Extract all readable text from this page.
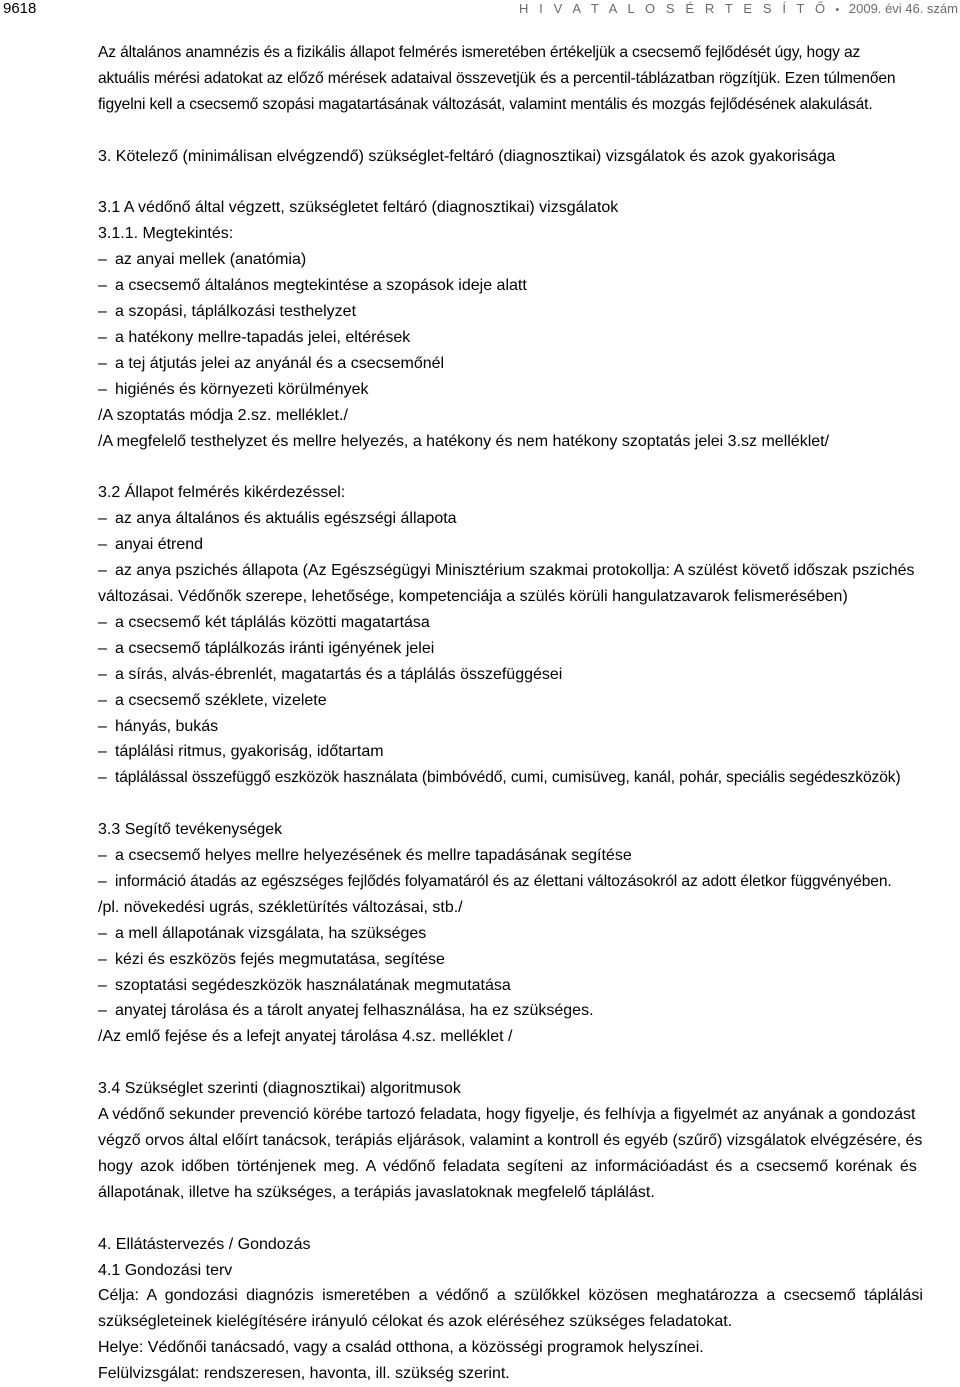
9618	H I V A T A L O S É R T E S Í T Ő • 2009. évi 46. szám

Az általános anamnézis és a fizikális állapot felmérés ismeretében értékeljük a csecsemő fejlődését úgy, hogy az

aktuális mérési adatokat az előző mérések adataival összevetjük és a percentil-táblázatban rögzítjük. Ezen túlmenően

figyelni kell a csecsemő szopási magatartásának változását, valamint mentális és mozgás fejlődésének alakulását.

3. Kötelező (minimálisan elvégzendő) szükséglet-feltáró (diagnosztikai) vizsgálatok és azok gyakorisága

3.1 A védőnő által végzett, szükségletet feltáró (diagnosztikai) vizsgálatok

3.1.1. Megtekintés:

– az anyai mellek (anatómia)

– a csecsemő általános megtekintése a szopások ideje alatt

– a szopási, táplálkozási testhelyzet

– a hatékony mellre-tapadás jelei, eltérések

– a tej átjutás jelei az anyánál és a csecsemőnél

– higiénés és környezeti körülmények

/A szoptatás módja 2.sz. melléklet./

/A megfelelő testhelyzet és mellre helyezés, a hatékony és nem hatékony szoptatás jelei 3.sz melléklet/

3.2 Állapot felmérés kikérdezéssel:

– az anya általános és aktuális egészségi állapota

– anyai étrend

– az anya pszichés állapota (Az Egészségügyi Minisztérium szakmai protokollja: A szülést követő időszak pszichés

változásai. Védőnők szerepe, lehetősége, kompetenciája a szülés körüli hangulatzavarok felismerésében)

– a csecsemő két táplálás közötti magatartása

– a csecsemő táplálkozás iránti igényének jelei

– a sírás, alvás-ébrenlét, magatartás és a táplálás összefüggései

– a csecsemő széklete, vizelete

– hányás, bukás

– táplálási ritmus, gyakoriság, időtartam

– táplálással összefüggő eszközök használata (bimbóvédő, cumi, cumisüveg, kanál, pohár, speciális segédeszközök)

3.3 Segítő tevékenységek

– a csecsemő helyes mellre helyezésének és mellre tapadásának segítése

– információ átadás az egészséges fejlődés folyamatáról és az élettani változásokról az adott életkor függvényében.

/pl. növekedési ugrás, székletürítés változásai, stb./

– a mell állapotának vizsgálata, ha szükséges

– kézi és eszközös fejés megmutatása, segítése

– szoptatási segédeszközök használatának megmutatása

– anyatej tárolása és a tárolt anyatej felhasználása, ha ez szükséges.

/Az emlő fejése és a lefejt anyatej tárolása 4.sz. melléklet /

3.4 Szükséglet szerinti (diagnosztikai) algoritmusok

A védőnő sekunder prevenció körébe tartozó feladata, hogy figyelje, és felhívja a figyelmét az anyának a gondozást

végző orvos által előírt tanácsok, terápiás eljárások, valamint a kontroll és egyéb (szűrő) vizsgálatok elvégzésére, és

hogy azok időben történjenek meg. A védőnő feladata segíteni az információadást és a csecsemő korénak és

állapotának, illetve ha szükséges, a terápiás javaslatoknak megfelelő táplálást.

4. Ellátástervezés / Gondozás

4.1 Gondozási terv

Célja: A gondozási diagnózis ismeretében a védőnő a szülőkkel közösen meghatározza a csecsemő táplálási

szükségleteinek kielégítésére irányuló célokat és azok eléréséhez szükséges feladatokat.

Helye: Védőnői tanácsadó, vagy a család otthona, a közösségi programok helyszínei.

Felülvizsgálat: rendszeresen, havonta, ill. szükség szerint.
